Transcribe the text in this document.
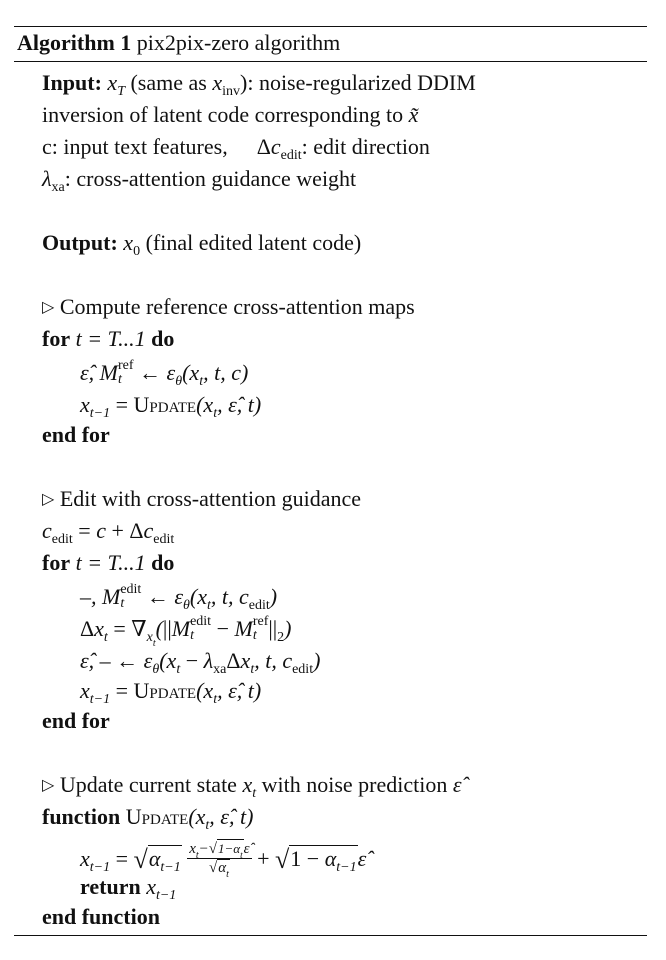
Algorithm 1 pix2pix-zero algorithm
Input: $x_T$ (same as $x_{inv}$): noise-regularized DDIM
inversion of latent code corresponding to x̃
c: input text features, $\Delta c_{edit}$: edit direction
$\lambda_{xa}$: cross-attention guidance weight
Output: $x_0$ (final edited latent code)
▷ Compute reference cross-attention maps
for t = T...1 do
ε̂, M ref
t ← $\varepsilon_\theta(x_t$, t, c)
$x_{t-1}$ = $Update(x_t$, ε̂, t)
end for
▷ Edit with cross-attention guidance
$c_{edit} = c + \Delta c_{edit}$
for t = T...1 do
–, M edit
t ← $\varepsilon_\theta(x_t$, t, $c_{edit}$)
$\Delta x_t = \nabla_{x_t}(||M$ edit
t	− M ref
t $||_2$)
ε̂, – ← $\varepsilon_\theta(x_t - \lambda_{xa}\Delta x_t$, t, $c_{edit}$)
$x_{t-1}$ = $Update(x_t$, ε̂, t)
end for
▷ Update current state $x_t$ with noise prediction ε̂
function $Update(x_t$, ε̂, t)
$x_{t-1} = √\alpha_{t-1} \frac{x_t-√1-\alpha_t\varepsilon̂}{√\alpha_t} + √1$ − $\alpha_{t-1}\varepsilon̂$
return $x_{t-1}$
end function
